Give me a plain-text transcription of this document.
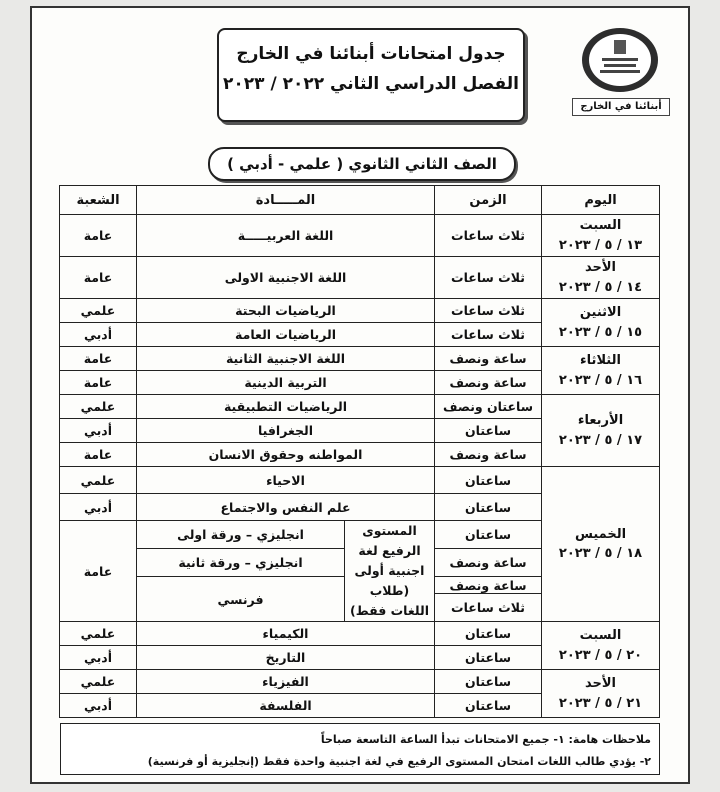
أبنائنا في الخارج
جدول امتحانات أبنائنا في الخارج
الفصل الدراسي الثاني ٢٠٢٢ / ٢٠٢٣
الصف الثاني الثانوي ( علمي - أدبي )
اليوم	الزمن	المـــــادة		الشعبة

السبت
١٣ / ٥ / ٢٠٢٣	ثلاث ساعات	اللغة العربيـــــة		عامة

الأحد
١٤ / ٥ / ٢٠٢٣	ثلاث ساعات	اللغة الاجنبية الاولى		عامة

الاثنين
١٥ / ٥ / ٢٠٢٣	ثلاث ساعات	الرياضيات البحتة		علمي
	ثلاث ساعات	الرياضيات العامة		أدبي

الثلاثاء
١٦ / ٥ / ٢٠٢٣	ساعة ونصف	اللغة الاجنبية الثانية		عامة
	ساعة ونصف	التربية الدينية		عامة

الأربعاء
١٧ / ٥ / ٢٠٢٣	ساعتان ونصف	الرياضيات التطبيقية		علمي
	ساعتان	الجغرافيا		أدبي
	ساعة ونصف	المواطنه وحقوق الانسان		عامة

الخميس
١٨ / ٥ / ٢٠٢٣	ساعتان	الاحياء		علمي
	ساعتان	علم النفس والاجتماع		أدبي
	ساعتان	المستوى الرفيع لغة اجنبية أولى (طلاب اللغات فقط)	انجليزي – ورقة اولى	عامة
	ساعة ونصف		انجليزي – ورقة ثانية	
	ساعة ونصف		فرنسي	
	ثلاث ساعات			

السبت
٢٠ / ٥ / ٢٠٢٣	ساعتان	الكيمياء		علمي
	ساعتان	التاريخ		أدبي

الأحد
٢١ / ٥ / ٢٠٢٣	ساعتان	الفيزياء		علمي
	ساعتان	الفلسفة		أدبي
ملاحظات هامة: ١- جميع الامتحانات تبدأ الساعة التاسعة صباحاً
٢- يؤدي طالب اللغات امتحان المستوى الرفيع في لغة اجنبية واحدة فقط (إنجليزية أو فرنسية)
